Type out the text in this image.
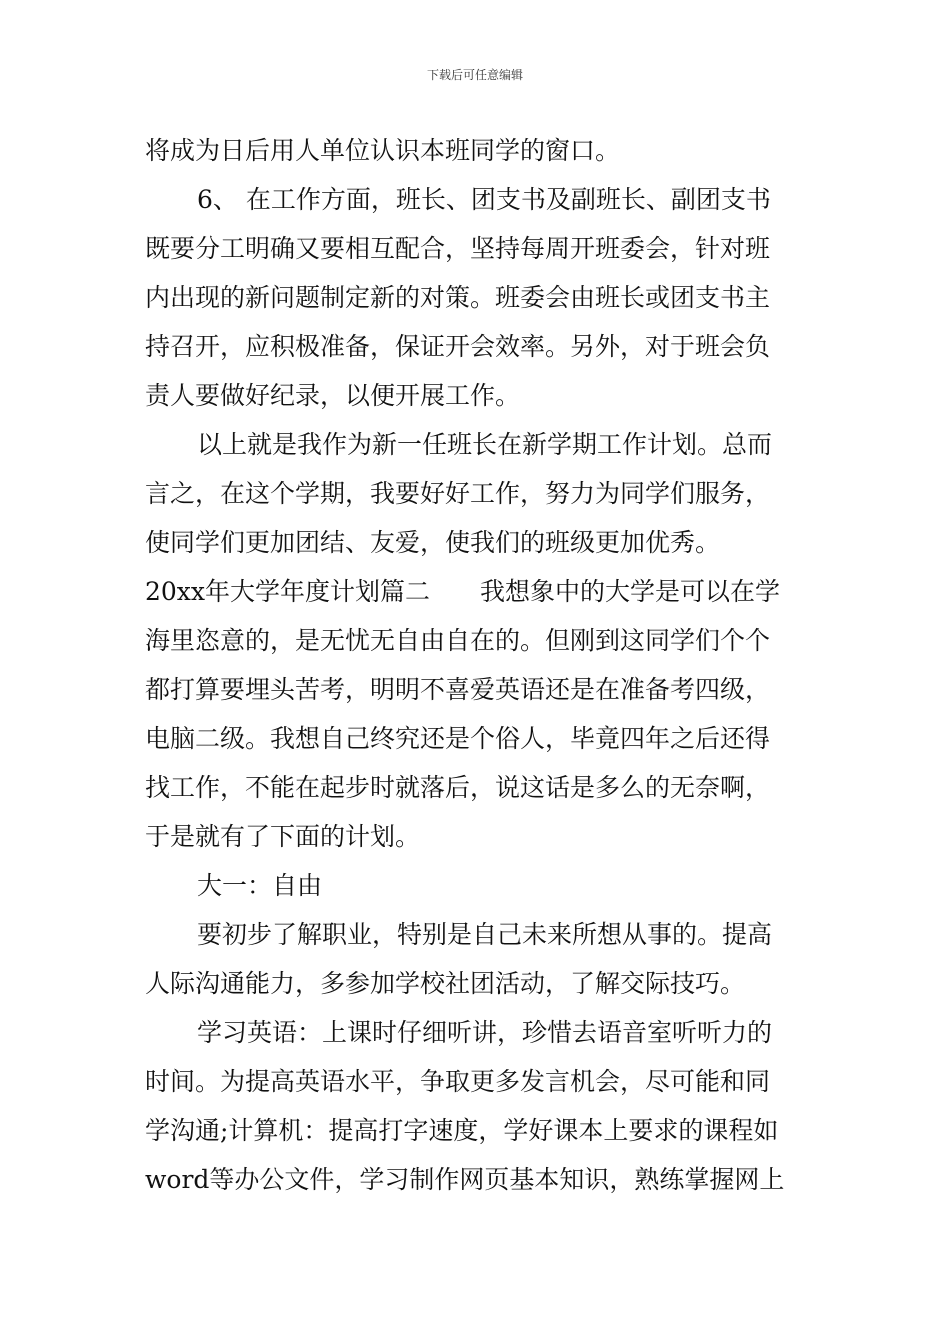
下载后可任意编辑
将成为日后用人单位认识本班同学的窗口。
6、 在工作方面，班长、团支书及副班长、副团支书
既要分工明确又要相互配合，坚持每周开班委会，针对班
内出现的新问题制定新的对策。班委会由班长或团支书主
持召开，应积极准备，保证开会效率。另外，对于班会负
责人要做好纪录，以便开展工作。
以上就是我作为新一任班长在新学期工作计划。总而
言之，在这个学期，我要好好工作，努力为同学们服务，
使同学们更加团结、友爱，使我们的班级更加优秀。
20xx年大学年度计划篇二　　我想象中的大学是可以在学
海里恣意的，是无忧无自由自在的。但刚到这同学们个个
都打算要埋头苦考，明明不喜爱英语还是在准备考四级，
电脑二级。我想自己终究还是个俗人，毕竟四年之后还得
找工作，不能在起步时就落后，说这话是多么的无奈啊，
于是就有了下面的计划。
大一：自由
要初步了解职业，特别是自己未来所想从事的。提高
人际沟通能力，多参加学校社团活动，了解交际技巧。
学习英语：上课时仔细听讲，珍惜去语音室听听力的
时间。为提高英语水平，争取更多发言机会，尽可能和同
学沟通;计算机：提高打字速度，学好课本上要求的课程如
word等办公文件，学习制作网页基本知识，熟练掌握网上
